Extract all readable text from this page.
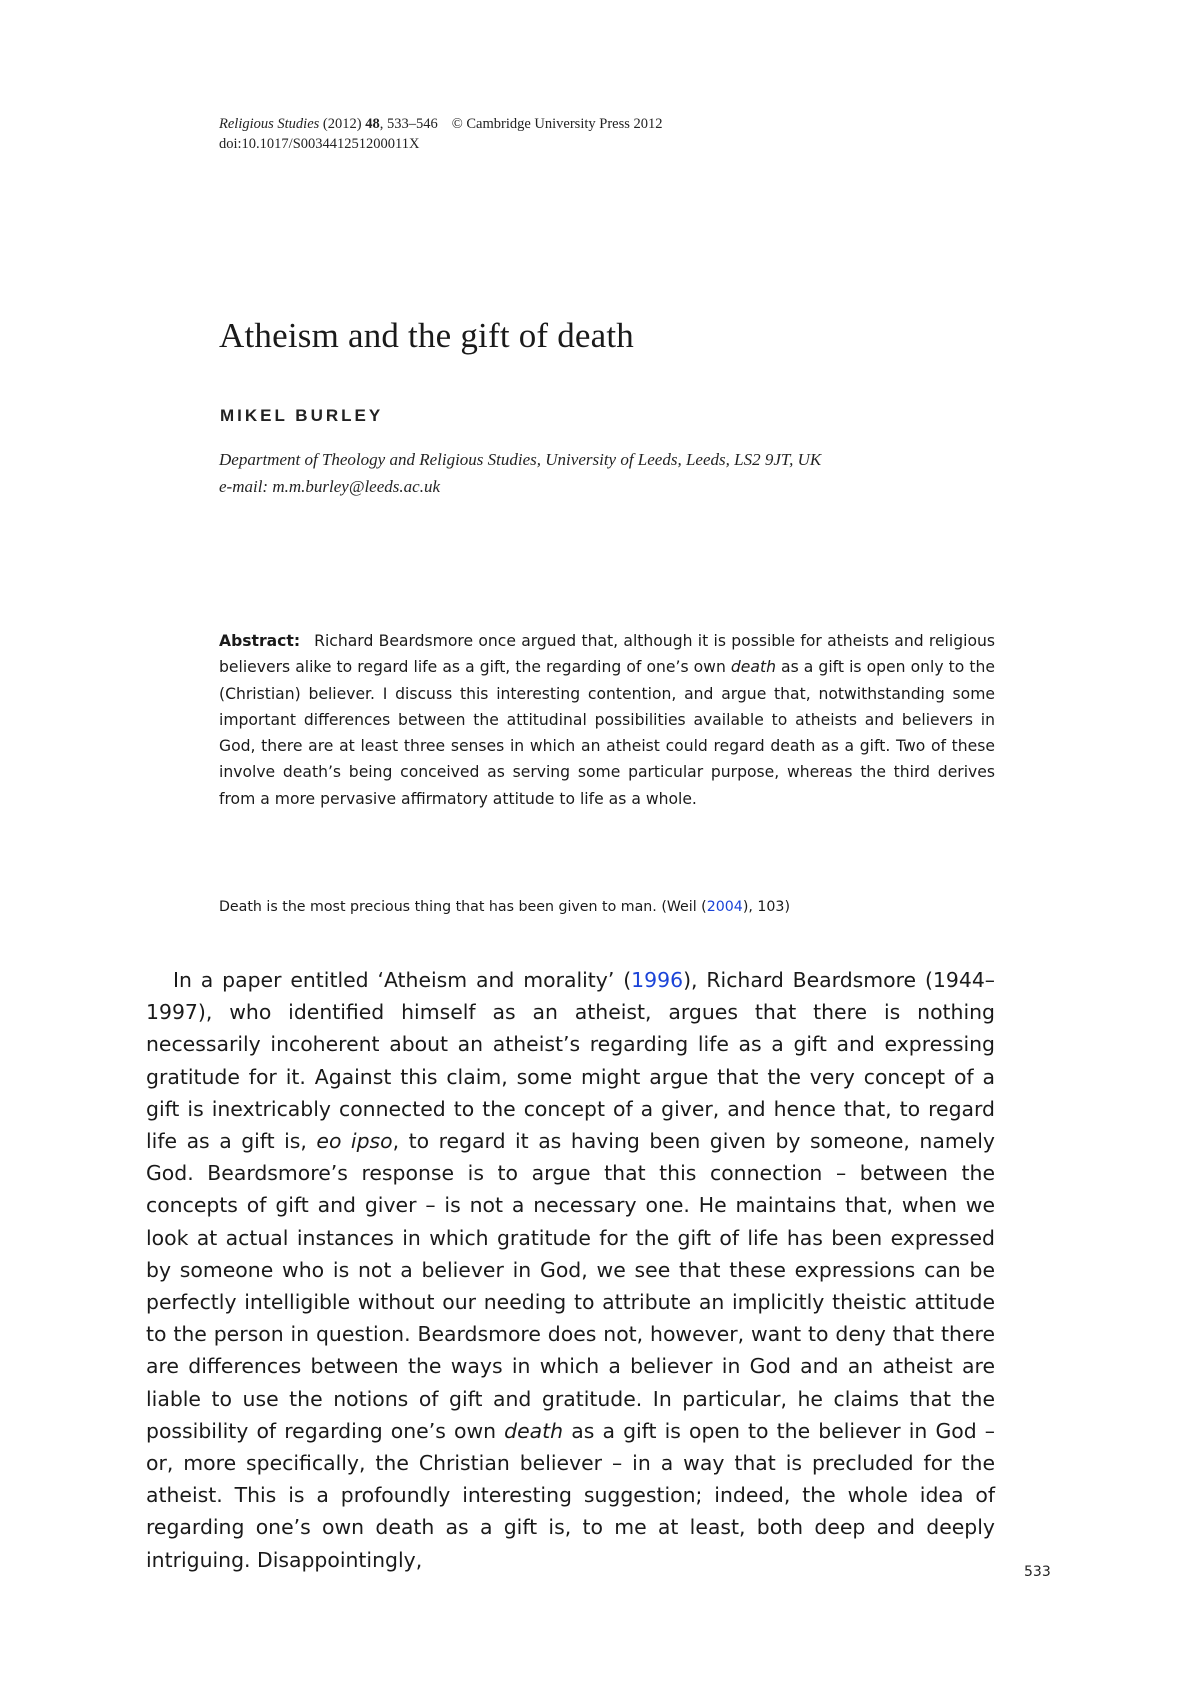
Religious Studies (2012) 48, 533–546 © Cambridge University Press 2012
doi:10.1017/S003441251200011X
Atheism and the gift of death
MIKEL BURLEY
Department of Theology and Religious Studies, University of Leeds, Leeds, LS2 9JT, UK
e-mail: m.m.burley@leeds.ac.uk

Abstract: Richard Beardsmore once argued that, although it is possible for atheists and religious believers alike to regard life as a gift, the regarding of one’s own death as a gift is open only to the (Christian) believer. I discuss this interesting contention, and argue that, notwithstanding some important differences between the attitudinal possibilities available to atheists and believers in God, there are at least three senses in which an atheist could regard death as a gift. Two of these involve death’s being conceived as serving some particular purpose, whereas the third derives from a more pervasive affirmatory attitude to life as a whole.

Death is the most precious thing that has been given to man. (Weil (2004), 103)

In a paper entitled ‘Atheism and morality’ (1996), Richard Beardsmore (1944–1997), who identified himself as an atheist, argues that there is nothing necessarily incoherent about an atheist’s regarding life as a gift and expressing gratitude for it. Against this claim, some might argue that the very concept of a gift is inextricably connected to the concept of a giver, and hence that, to regard life as a gift is, eo ipso, to regard it as having been given by someone, namely God. Beardsmore’s response is to argue that this connection – between the concepts of gift and giver – is not a necessary one. He maintains that, when we look at actual instances in which gratitude for the gift of life has been expressed by someone who is not a believer in God, we see that these expressions can be perfectly intelligible without our needing to attribute an implicitly theistic attitude to the person in question. Beardsmore does not, however, want to deny that there are differences between the ways in which a believer in God and an atheist are liable to use the notions of gift and gratitude. In particular, he claims that the possibility of regarding one’s own death as a gift is open to the believer in God – or, more specifically, the Christian believer – in a way that is precluded for the atheist. This is a profoundly interesting suggestion; indeed, the whole idea of regarding one’s own death as a gift is, to me at least, both deep and deeply intriguing. Disappointingly,

533
